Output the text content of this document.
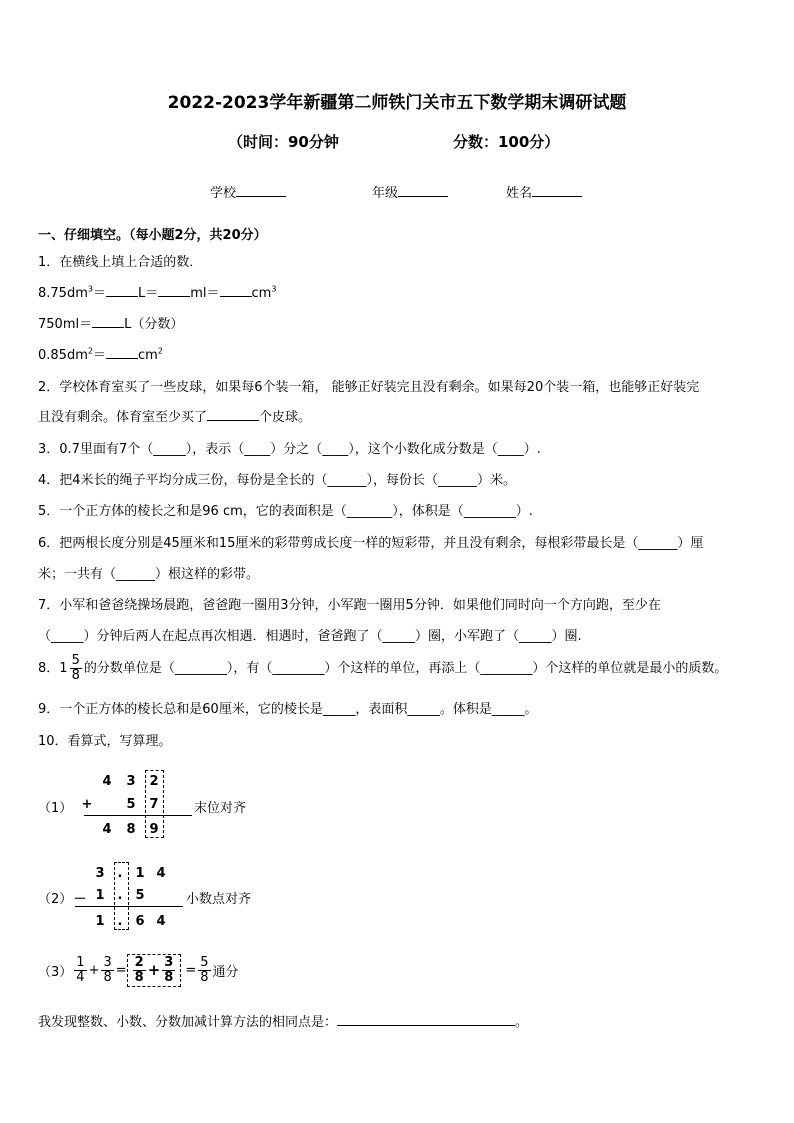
2022-2023学年新疆第二师铁门关市五下数学期末调研试题
（时间：90分钟	分数：100分）
学校	年级	姓名
一、仔细填空。（每小题2分，共20分）
1．在横线上填上合适的数．
$8.75dm^3= L= ml= cm^3$
750ml＝ L（分数）
$0.85dm^2= cm^2$
2．学校体育室买了一些皮球，如果每6个装一箱， 能够正好装完且没有剩余。如果每20个装一箱，也能够正好装完
且没有剩余。体育室至少买了	个皮球。
3．0.7里面有7个（_____），表示（____）分之（____），这个小数化成分数是（____）.
4．把4米长的绳子平均分成三份，每份是全长的（______），每份长（______）米。
5．一个正方体的棱长之和是96 cm，它的表面积是（_______），体积是（________）.
6．把两根长度分别是45厘米和15厘米的彩带剪成长度一样的短彩带，并且没有剩余，每根彩带最长是（______）厘
米；一共有（______）根这样的彩带。
7．小军和爸爸绕操场晨跑，爸爸跑一圈用3分钟，小军跑一圈用5分钟．如果他们同时向一个方向跑，至少在
（_____）分钟后两人在起点再次相遇．相遇时，爸爸跑了（_____）圈，小军跑了（_____）圈.
8．$1 \frac{5}{8}$ 的分数单位是（________），有（________）个这样的单位，再添上（________）个这样的单位就是最小的质数。
9．一个正方体的棱长总和是60厘米，它的棱长是_____，表面积_____。体积是_____。
10．看算式，写算理。
（1）
4 3 2
+	5 7
4 8 9
末位对齐
（2）
3	.	1 4
－ 1	.	5
1	.	6 4
小数点对齐
$(3) \frac{1}{4} + \frac{3}{8} = \frac{2}{8} + \frac{3}{8} = \frac{5}{8}$ 通分
我发现整数、小数、分数加减计算方法的相同点是：	。
